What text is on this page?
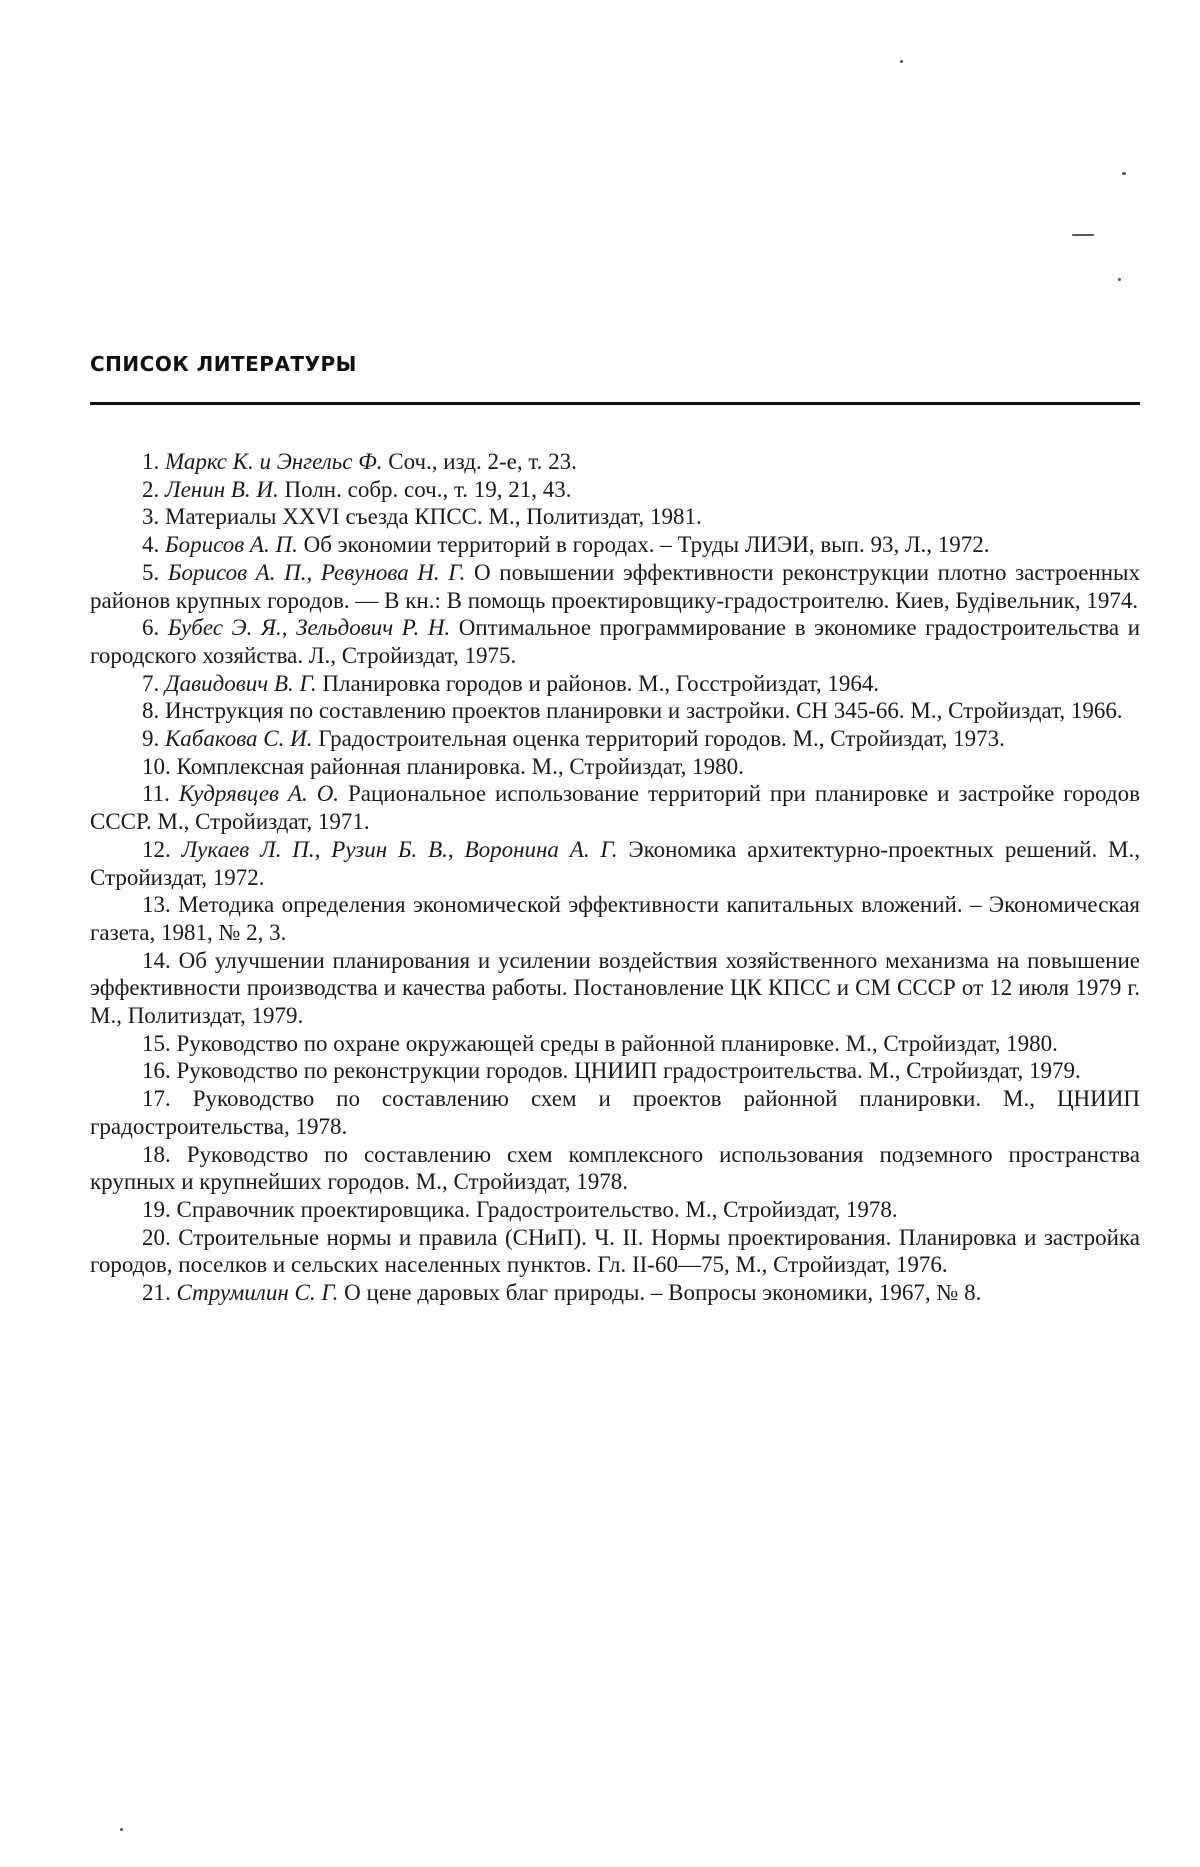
СПИСОК ЛИТЕРАТУРЫ
1. Маркс К. и Энгельс Ф. Соч., изд. 2-е, т. 23.
2. Ленин В. И. Полн. собр. соч., т. 19, 21, 43.
3. Материалы XXVI съезда КПСС. М., Политиздат, 1981.
4. Борисов А. П. Об экономии территорий в городах. – Труды ЛИЭИ, вып. 93, Л., 1972.
5. Борисов А. П., Ревунова Н. Г. О повышении эффективности реконструкции плотно застроенных районов крупных городов. — В кн.: В помощь проектировщику-градостроителю. Киев, Будівельник, 1974.
6. Бубес Э. Я., Зельдович Р. Н. Оптимальное программирование в экономике градостроительства и городского хозяйства. Л., Стройиздат, 1975.
7. Давидович В. Г. Планировка городов и районов. М., Госстройиздат, 1964.
8. Инструкция по составлению проектов планировки и застройки. СН 345-66. М., Стройиздат, 1966.
9. Кабакова С. И. Градостроительная оценка территорий городов. М., Стройиздат, 1973.
10. Комплексная районная планировка. М., Стройиздат, 1980.
11. Кудрявцев А. О. Рациональное использование территорий при планировке и застройке городов СССР. М., Стройиздат, 1971.
12. Лукаев Л. П., Рузин Б. В., Воронина А. Г. Экономика архитектурно-проектных решений. М., Стройиздат, 1972.
13. Методика определения экономической эффективности капитальных вложений. – Экономическая газета, 1981, № 2, 3.
14. Об улучшении планирования и усилении воздействия хозяйственного механизма на повышение эффективности производства и качества работы. Постановление ЦК КПСС и СМ СССР от 12 июля 1979 г. М., Политиздат, 1979.
15. Руководство по охране окружающей среды в районной планировке. М., Стройиздат, 1980.
16. Руководство по реконструкции городов. ЦНИИП градостроительства. М., Стройиздат, 1979.
17. Руководство по составлению схем и проектов районной планировки. М., ЦНИИП градостроительства, 1978.
18. Руководство по составлению схем комплексного использования подземного пространства крупных и крупнейших городов. М., Стройиздат, 1978.
19. Справочник проектировщика. Градостроительство. М., Стройиздат, 1978.
20. Строительные нормы и правила (СНиП). Ч. II. Нормы проектирования. Планировка и застройка городов, поселков и сельских населенных пунктов. Гл. II-60—75, М., Стройиздат, 1976.
21. Струмилин С. Г. О цене даровых благ природы. – Вопросы экономики, 1967, № 8.
